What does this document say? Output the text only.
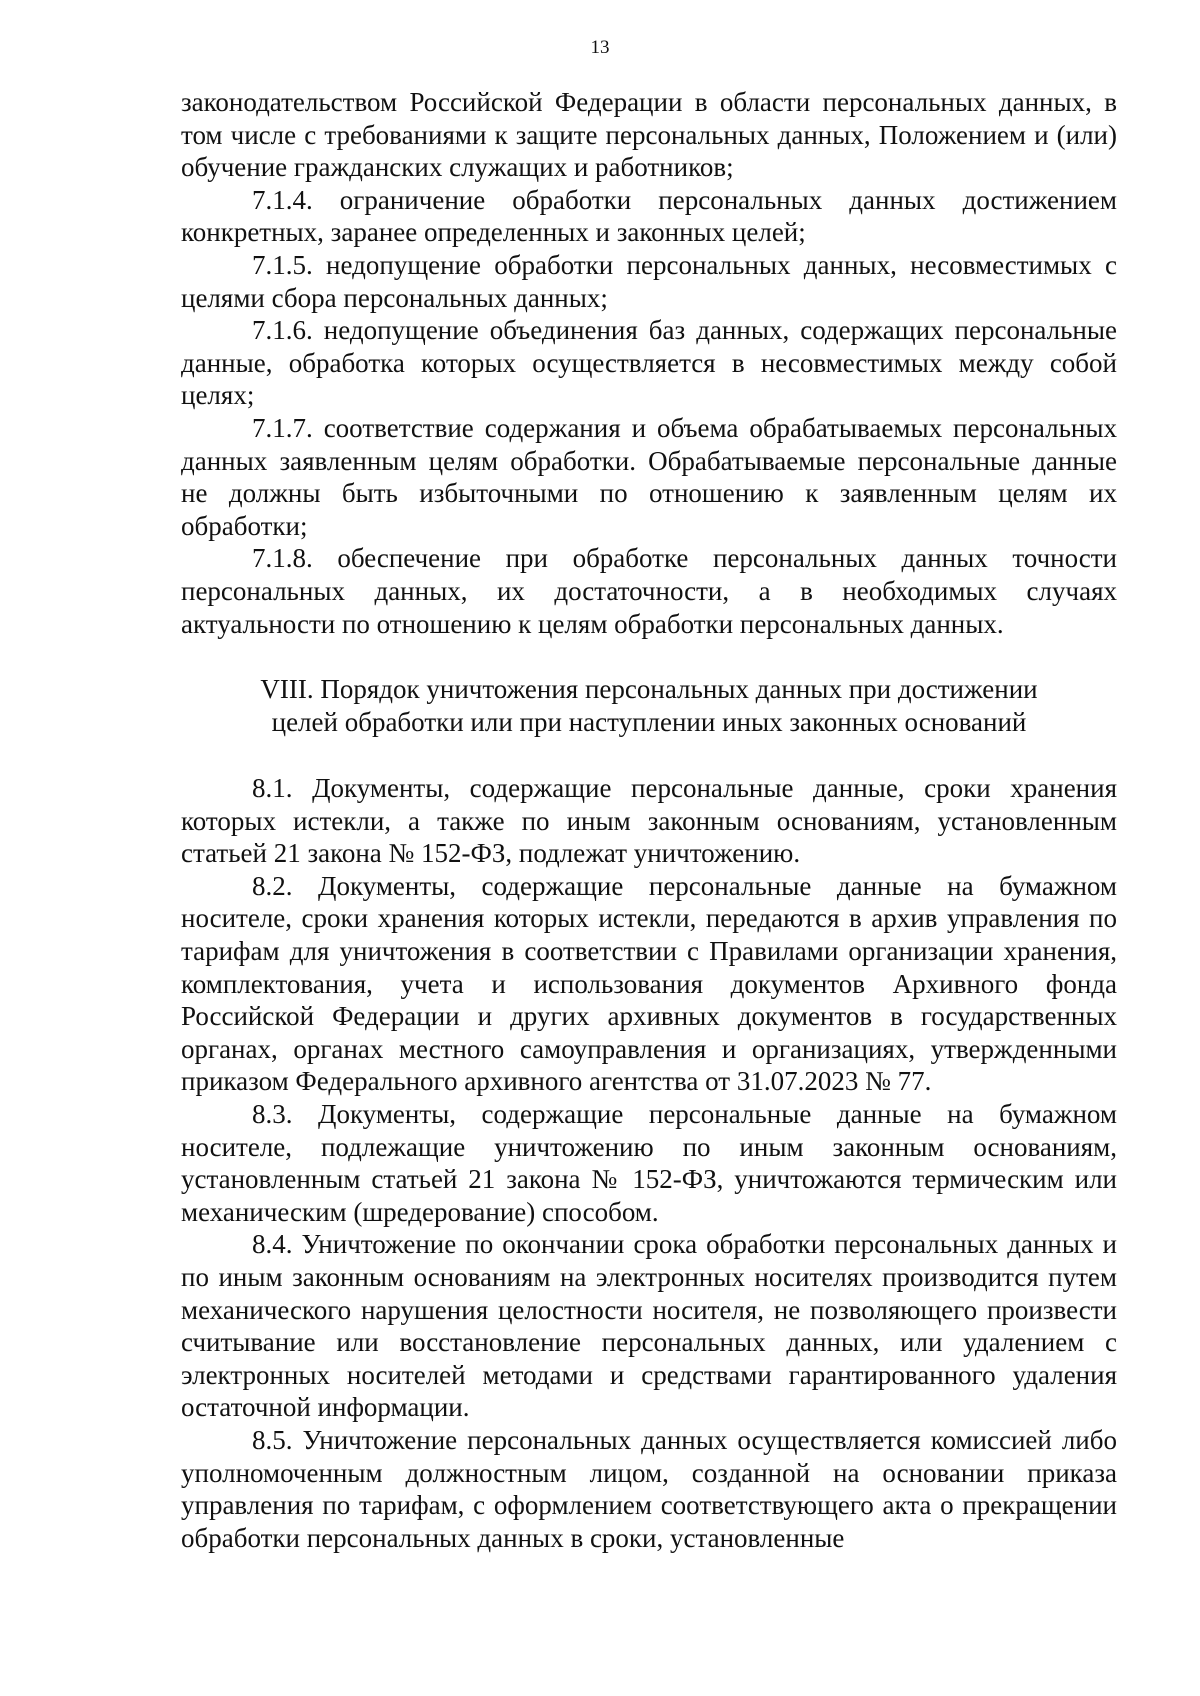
13

законодательством Российской Федерации в области персональных данных, в том числе с требованиями к защите персональных данных, Положением и (или) обучение гражданских служащих и работников;

7.1.4. ограничение обработки персональных данных достижением конкретных, заранее определенных и законных целей;

7.1.5. недопущение обработки персональных данных, несовместимых с целями сбора персональных данных;

7.1.6. недопущение объединения баз данных, содержащих персональные данные, обработка которых осуществляется в несовместимых между собой целях;

7.1.7. соответствие содержания и объема обрабатываемых персональных данных заявленным целям обработки. Обрабатываемые персональные данные не должны быть избыточными по отношению к заявленным целям их обработки;

7.1.8. обеспечение при обработке персональных данных точности персональных данных, их достаточности, а в необходимых случаях актуальности по отношению к целям обработки персональных данных.

VIII. Порядок уничтожения персональных данных при достижении
целей обработки или при наступлении иных законных оснований

8.1. Документы, содержащие персональные данные, сроки хранения которых истекли, а также по иным законным основаниям, установленным статьей 21 закона № 152-ФЗ, подлежат уничтожению.

8.2. Документы, содержащие персональные данные на бумажном носителе, сроки хранения которых истекли, передаются в архив управления по тарифам для уничтожения в соответствии с Правилами организации хранения, комплектования, учета и использования документов Архивного фонда Российской Федерации и других архивных документов в государственных органах, органах местного самоуправления и организациях, утвержденными приказом Федерального архивного агентства от 31.07.2023 № 77.

8.3. Документы, содержащие персональные данные на бумажном носителе, подлежащие уничтожению по иным законным основаниям, установленным статьей 21 закона № 152-ФЗ, уничтожаются термическим или механическим (шредерование) способом.

8.4. Уничтожение по окончании срока обработки персональных данных и по иным законным основаниям на электронных носителях производится путем механического нарушения целостности носителя, не позволяющего произвести считывание или восстановление персональных данных, или удалением с электронных носителей методами и средствами гарантированного удаления остаточной информации.

8.5. Уничтожение персональных данных осуществляется комиссией либо уполномоченным должностным лицом, созданной на основании приказа управления по тарифам, с оформлением соответствующего акта о прекращении обработки персональных данных в сроки, установленные
